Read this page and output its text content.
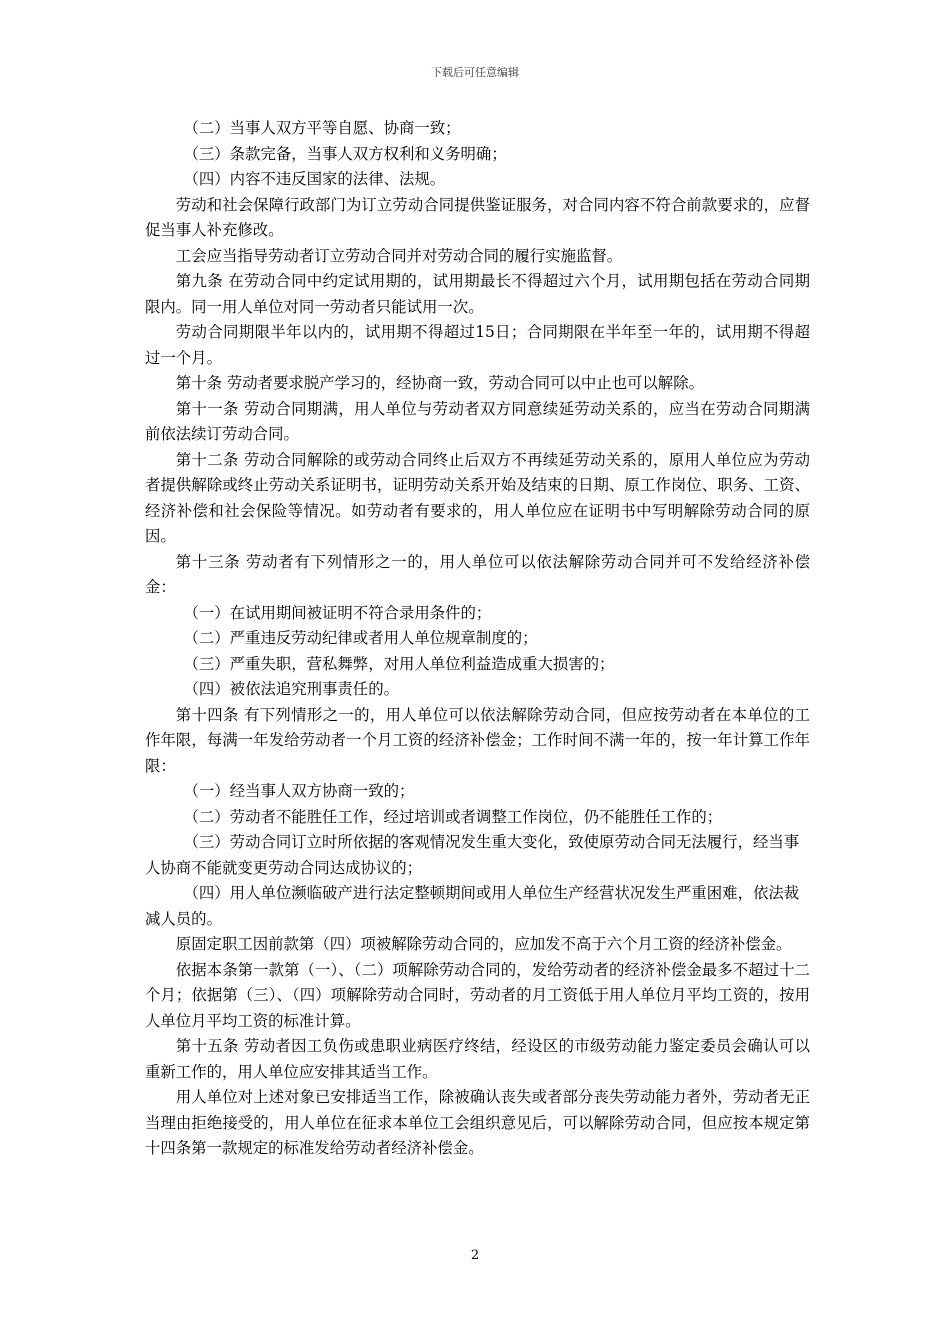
下载后可任意编辑

（二）当事人双方平等自愿、协商一致；

（三）条款完备，当事人双方权利和义务明确；

（四）内容不违反国家的法律、法规。

劳动和社会保障行政部门为订立劳动合同提供鉴证服务，对合同内容不符合前款要求的，应督促当事人补充修改。

工会应当指导劳动者订立劳动合同并对劳动合同的履行实施监督。

第九条 在劳动合同中约定试用期的，试用期最长不得超过六个月，试用期包括在劳动合同期限内。同一用人单位对同一劳动者只能试用一次。

劳动合同期限半年以内的，试用期不得超过15日；合同期限在半年至一年的，试用期不得超过一个月。

第十条 劳动者要求脱产学习的，经协商一致，劳动合同可以中止也可以解除。

第十一条 劳动合同期满，用人单位与劳动者双方同意续延劳动关系的，应当在劳动合同期满前依法续订劳动合同。

第十二条 劳动合同解除的或劳动合同终止后双方不再续延劳动关系的，原用人单位应为劳动者提供解除或终止劳动关系证明书，证明劳动关系开始及结束的日期、原工作岗位、职务、工资、经济补偿和社会保险等情况。如劳动者有要求的，用人单位应在证明书中写明解除劳动合同的原因。

第十三条 劳动者有下列情形之一的，用人单位可以依法解除劳动合同并可不发给经济补偿金：

（一）在试用期间被证明不符合录用条件的；

（二）严重违反劳动纪律或者用人单位规章制度的；

（三）严重失职，营私舞弊，对用人单位利益造成重大损害的；

（四）被依法追究刑事责任的。

第十四条 有下列情形之一的，用人单位可以依法解除劳动合同，但应按劳动者在本单位的工作年限，每满一年发给劳动者一个月工资的经济补偿金；工作时间不满一年的，按一年计算工作年限：

（一）经当事人双方协商一致的；

（二）劳动者不能胜任工作，经过培训或者调整工作岗位，仍不能胜任工作的；

（三）劳动合同订立时所依据的客观情况发生重大变化，致使原劳动合同无法履行，经当事人协商不能就变更劳动合同达成协议的；

（四）用人单位濒临破产进行法定整顿期间或用人单位生产经营状况发生严重困难，依法裁减人员的。

原固定职工因前款第（四）项被解除劳动合同的，应加发不高于六个月工资的经济补偿金。

依据本条第一款第（一）、（二）项解除劳动合同的，发给劳动者的经济补偿金最多不超过十二个月；依据第（三）、（四）项解除劳动合同时，劳动者的月工资低于用人单位月平均工资的，按用人单位月平均工资的标准计算。

第十五条 劳动者因工负伤或患职业病医疗终结，经设区的市级劳动能力鉴定委员会确认可以重新工作的，用人单位应安排其适当工作。

用人单位对上述对象已安排适当工作，除被确认丧失或者部分丧失劳动能力者外，劳动者无正当理由拒绝接受的，用人单位在征求本单位工会组织意见后，可以解除劳动合同，但应按本规定第十四条第一款规定的标准发给劳动者经济补偿金。

2
